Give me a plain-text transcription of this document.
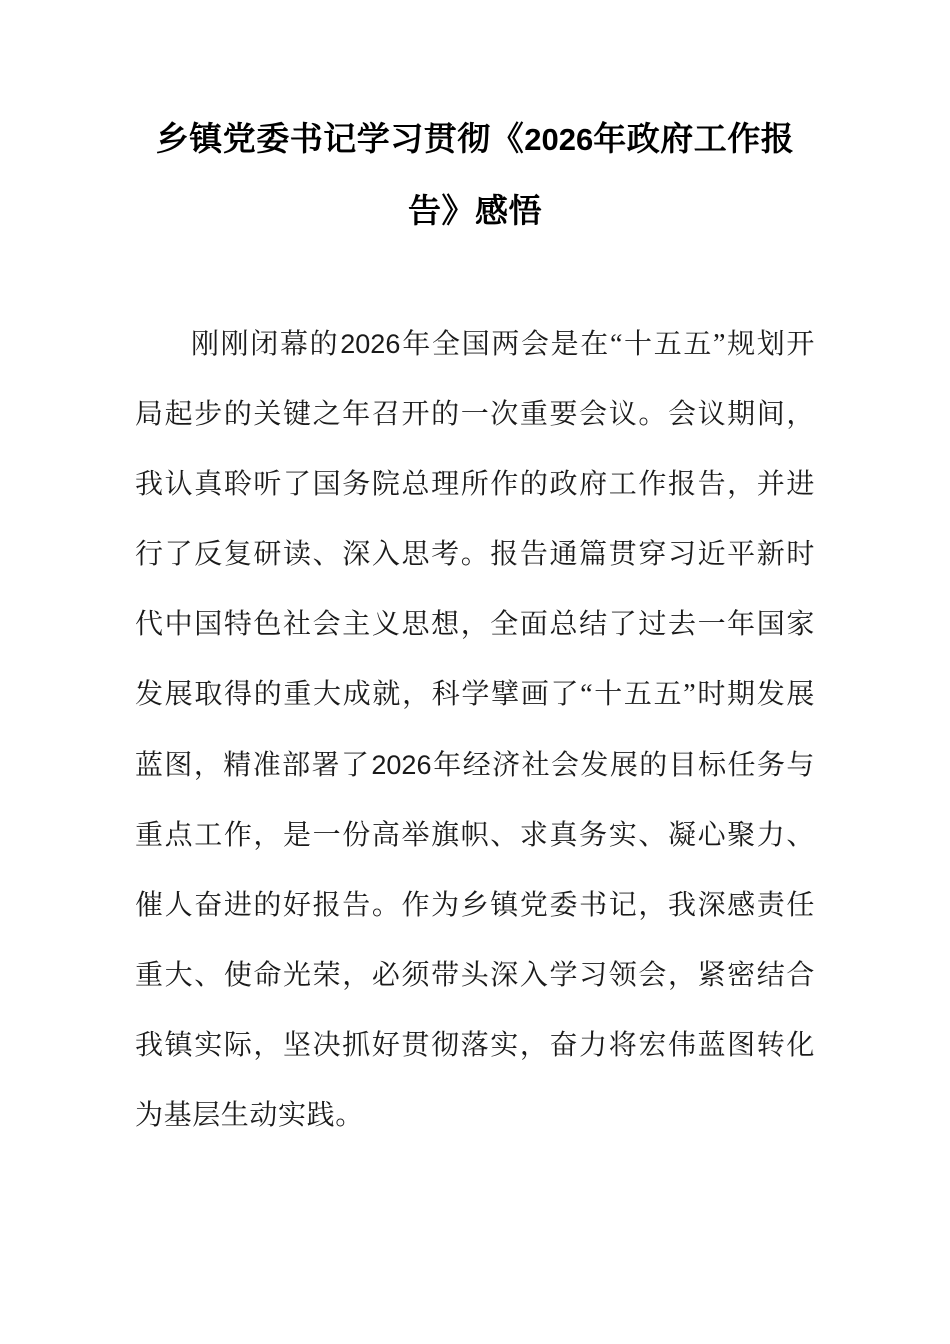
乡镇党委书记学习贯彻《2026年政府工作报告》感悟

刚刚闭幕的2026年全国两会是在“十五五”规划开局起步的关键之年召开的一次重要会议。会议期间，我认真聆听了国务院总理所作的政府工作报告，并进行了反复研读、深入思考。报告通篇贯穿习近平新时代中国特色社会主义思想，全面总结了过去一年国家发展取得的重大成就，科学擘画了“十五五”时期发展蓝图，精准部署了2026年经济社会发展的目标任务与重点工作，是一份高举旗帜、求真务实、凝心聚力、催人奋进的好报告。作为乡镇党委书记，我深感责任重大、使命光荣，必须带头深入学习领会，紧密结合我镇实际，坚决抓好贯彻落实，奋力将宏伟蓝图转化为基层生动实践。
